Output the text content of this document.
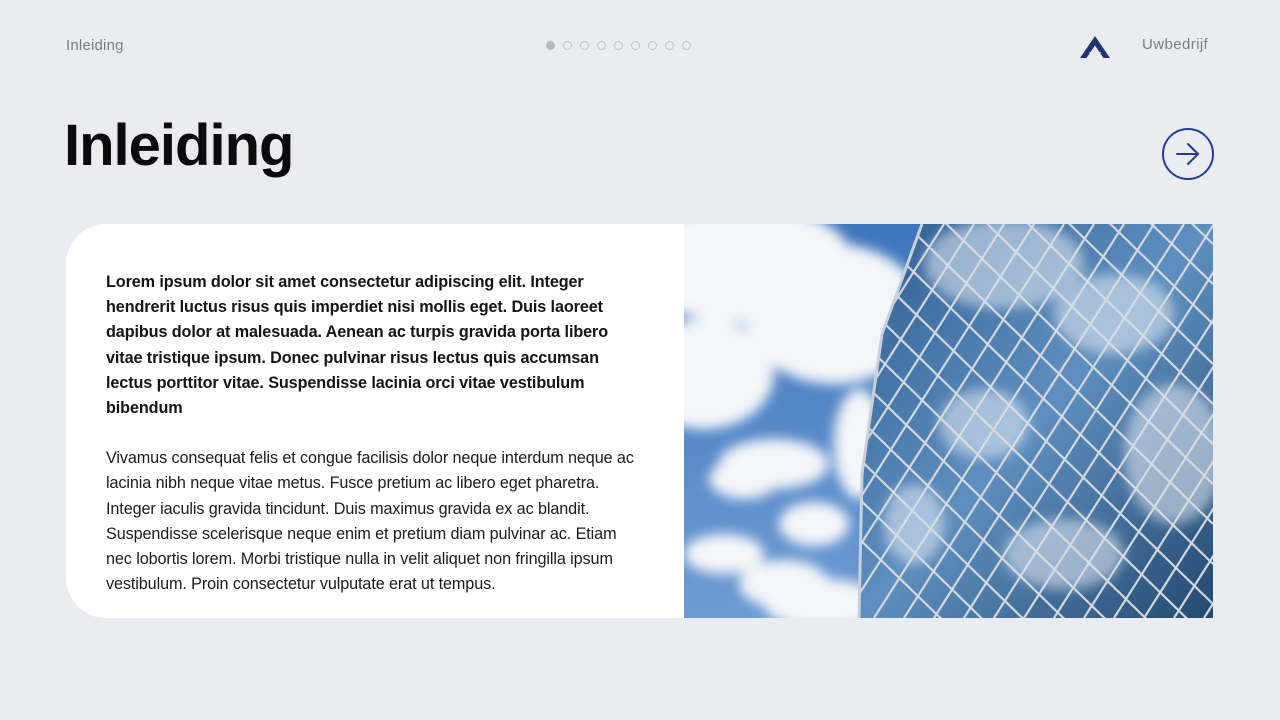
Inleiding	Uwbedrijf
Inleiding

Lorem ipsum dolor sit amet consectetur adipiscing elit. Integer hendrerit luctus risus quis imperdiet nisi mollis eget. Duis laoreet dapibus dolor at malesuada. Aenean ac turpis gravida porta libero vitae tristique ipsum. Donec pulvinar risus lectus quis accumsan lectus porttitor vitae. Suspendisse lacinia orci vitae vestibulum bibendum

Vivamus consequat felis et congue facilisis dolor neque interdum neque ac lacinia nibh neque vitae metus. Fusce pretium ac libero eget pharetra. Integer iaculis gravida tincidunt. Duis maximus gravida ex ac blandit. Suspendisse scelerisque neque enim et pretium diam pulvinar ac. Etiam nec lobortis lorem. Morbi tristique nulla in velit aliquet non fringilla ipsum vestibulum. Proin consectetur vulputate erat ut tempus.
